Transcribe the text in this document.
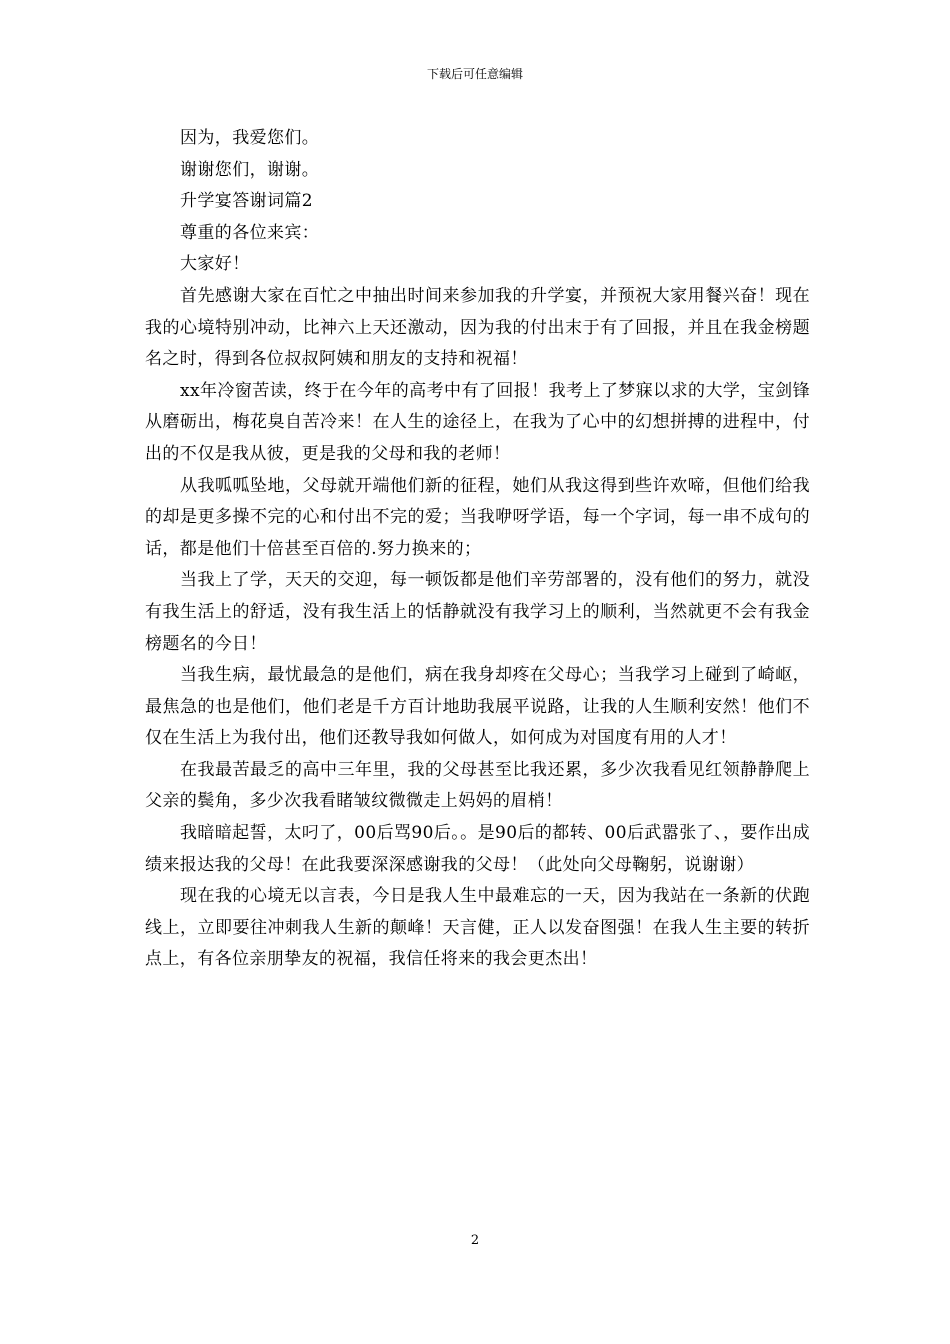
下载后可任意编辑

因为，我爱您们。

谢谢您们，谢谢。

升学宴答谢词篇2

尊重的各位来宾：

大家好！

首先感谢大家在百忙之中抽出时间来参加我的升学宴，并预祝大家用餐兴奋！现在我的心境特别冲动，比神六上天还激动，因为我的付出末于有了回报，并且在我金榜题名之时，得到各位叔叔阿姨和朋友的支持和祝福！

xx年冷窗苦读，终于在今年的高考中有了回报！我考上了梦寐以求的大学，宝剑锋从磨砺出，梅花臭自苦冷来！在人生的途径上，在我为了心中的幻想拼搏的进程中，付出的不仅是我从彼，更是我的父母和我的老师！

从我呱呱坠地，父母就开端他们新的征程，她们从我这得到些许欢啼，但他们给我的却是更多操不完的心和付出不完的爱；当我咿呀学语，每一个字词，每一串不成句的话，都是他们十倍甚至百倍的.努力换来的；

当我上了学，天天的交迎，每一顿饭都是他们辛劳部署的，没有他们的努力，就没有我生活上的舒适，没有我生活上的恬静就没有我学习上的顺利，当然就更不会有我金榜题名的今日！

当我生病，最忧最急的是他们，病在我身却疼在父母心；当我学习上碰到了崎岖，最焦急的也是他们，他们老是千方百计地助我展平说路，让我的人生顺利安然！他们不仅在生活上为我付出，他们还教导我如何做人，如何成为对国度有用的人才！

在我最苦最乏的高中三年里，我的父母甚至比我还累，多少次我看见红领静静爬上父亲的鬓角，多少次我看睹皱纹微微走上妈妈的眉梢！

我暗暗起誓，太叼了，00后骂90后。。是90后的都转、00后武嚣张了、，要作出成绩来报达我的父母！在此我要深深感谢我的父母！（此处向父母鞠躬，说谢谢）

现在我的心境无以言表，今日是我人生中最难忘的一天，因为我站在一条新的伏跑线上，立即要往冲刺我人生新的颠峰！天言健，正人以发奋图强！在我人生主要的转折点上，有各位亲朋挚友的祝福，我信任将来的我会更杰出！

2
